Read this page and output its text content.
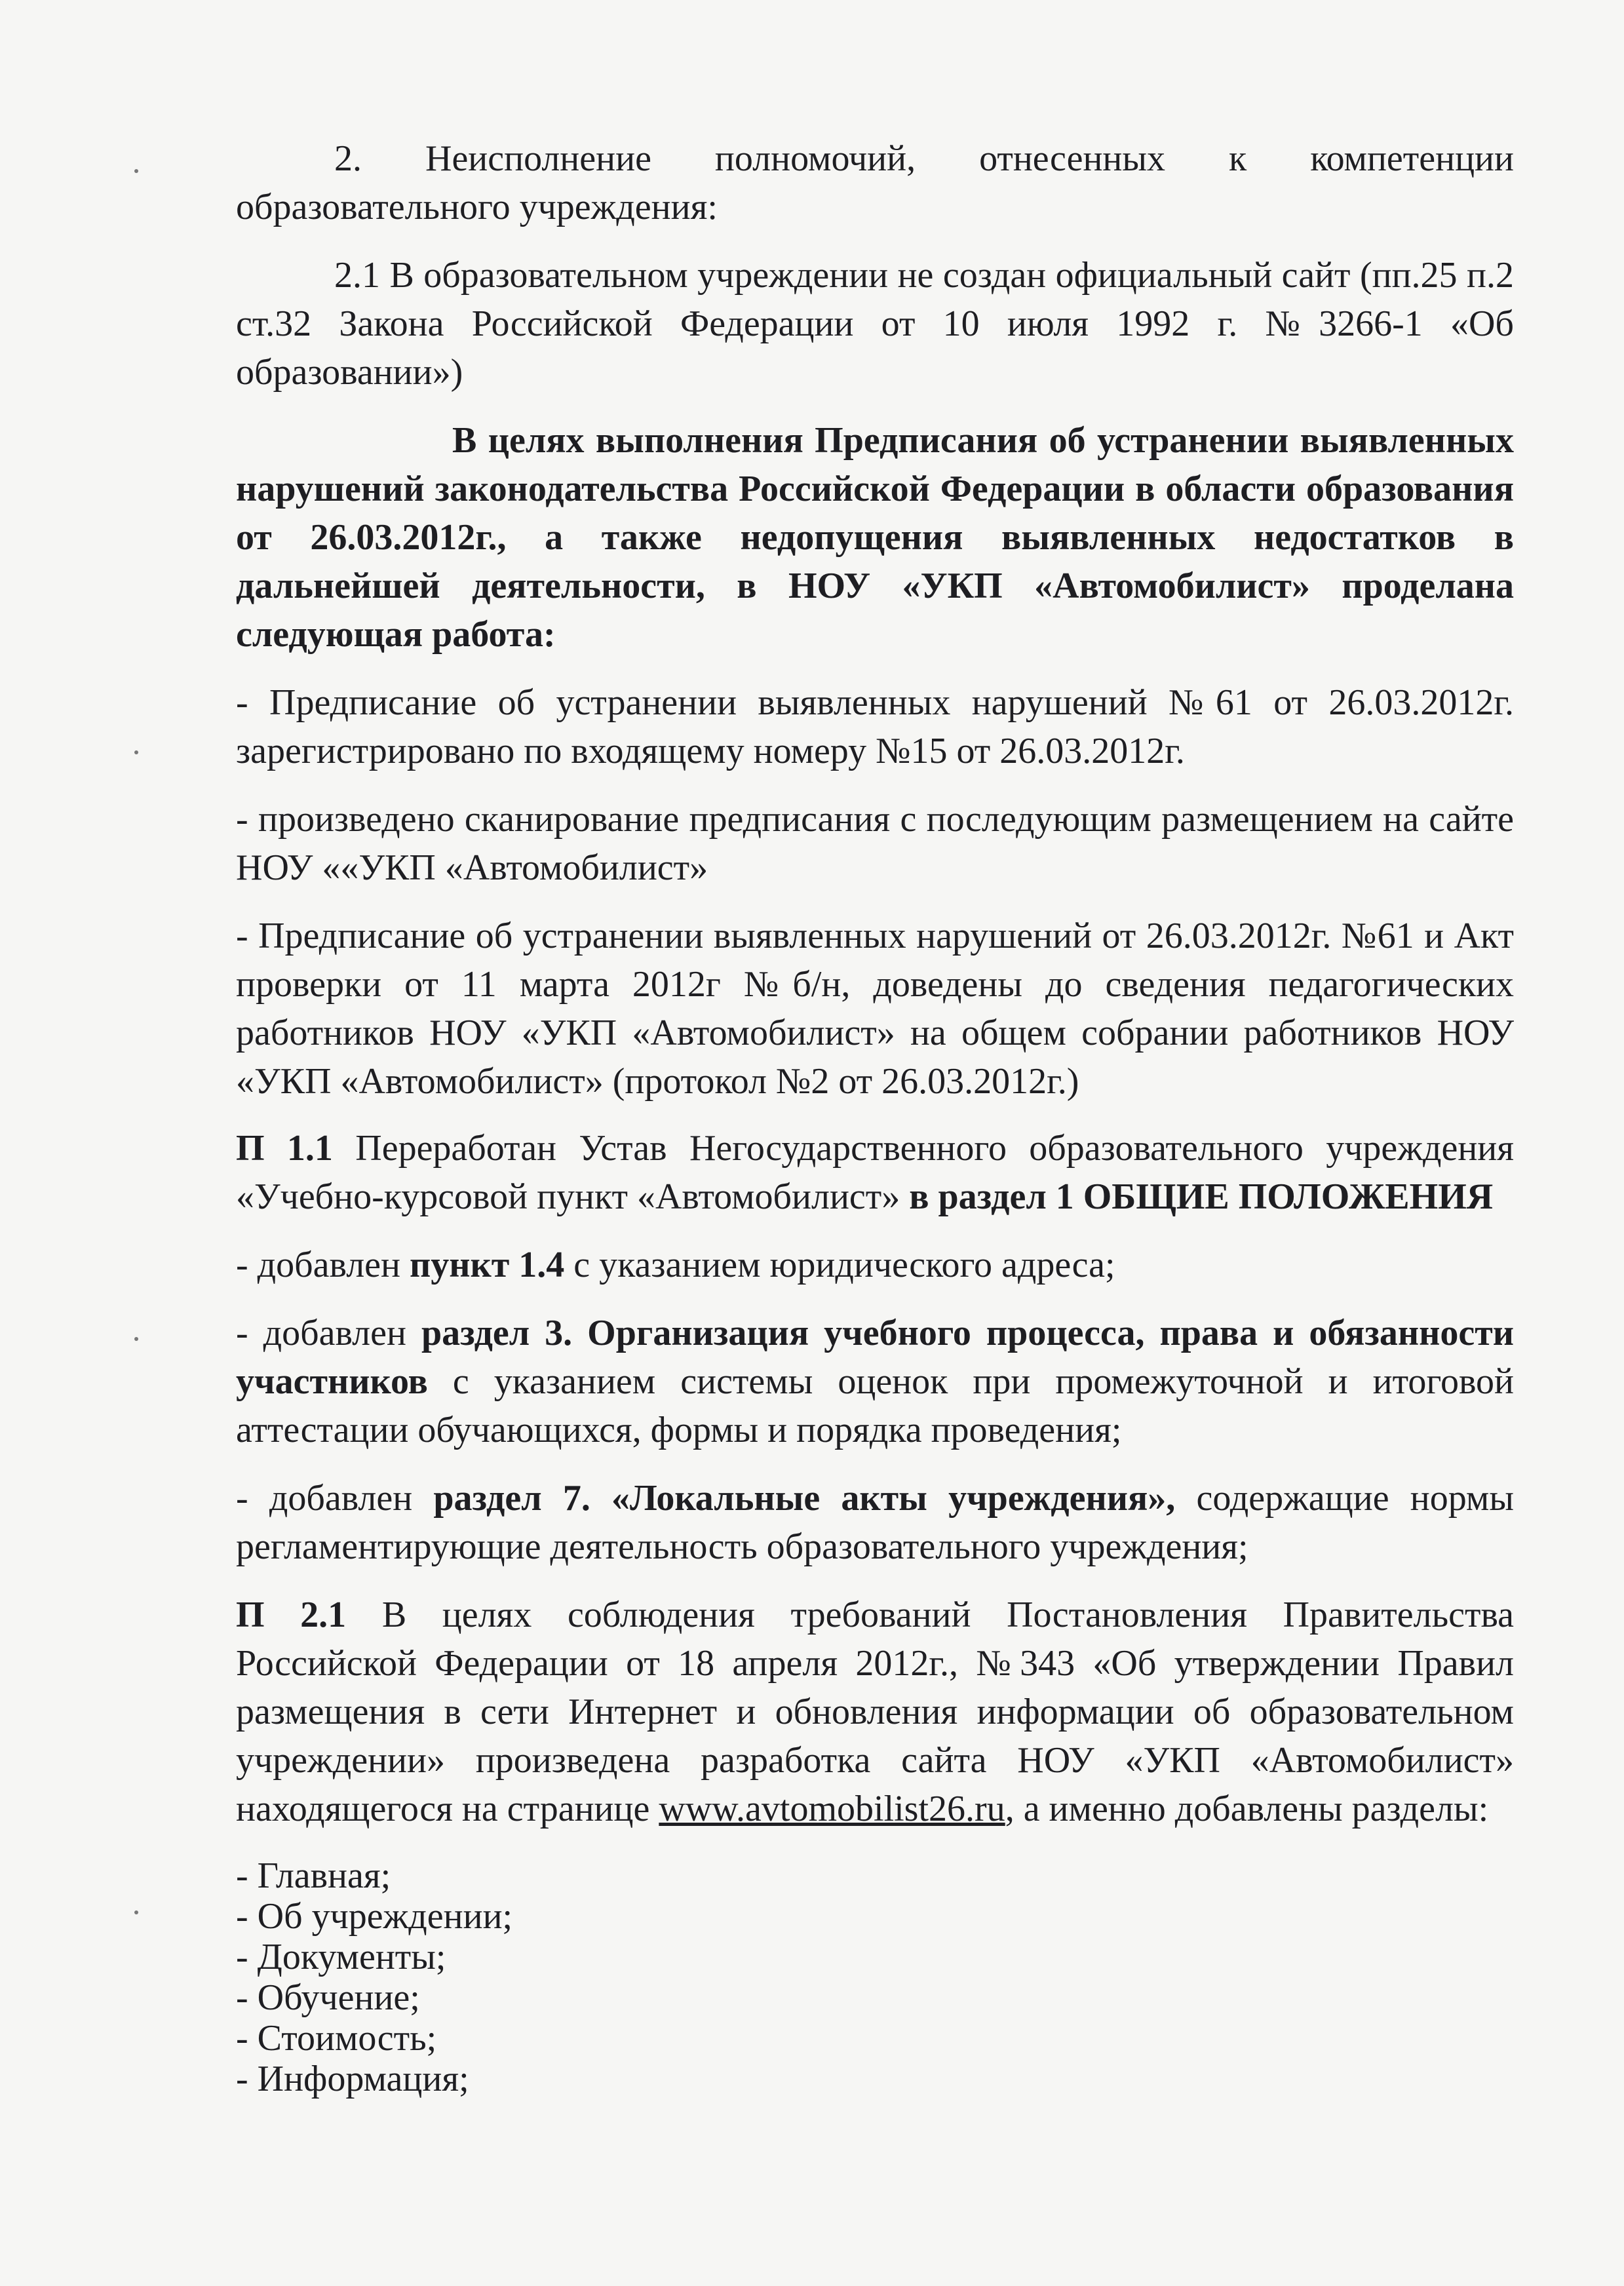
2. Неисполнение полномочий, отнесенных к компетенции образовательного учреждения:

2.1 В образовательном учреждении не создан официальный сайт (пп.25 п.2 ст.32 Закона Российской Федерации от 10 июля 1992 г. №3266-1 «Об образовании»)

В целях выполнения Предписания об устранении выявленных нарушений законодательства Российской Федерации в области образования от 26.03.2012г., а также недопущения выявленных недостатков в дальнейшей деятельности, в НОУ «УКП «Автомобилист» проделана следующая работа:

- Предписание об устранении выявленных нарушений №61 от 26.03.2012г. зарегистрировано по входящему номеру №15 от 26.03.2012г.

- произведено сканирование предписания с последующим размещением на сайте НОУ ««УКП «Автомобилист»

- Предписание об устранении выявленных нарушений от 26.03.2012г. №61 и Акт проверки от 11 марта 2012г №б/н, доведены до сведения педагогических работников НОУ «УКП «Автомобилист» на общем собрании работников НОУ «УКП «Автомобилист» (протокол №2 от 26.03.2012г.)

П 1.1 Переработан Устав Негосударственного образовательного учреждения «Учебно-курсовой пункт «Автомобилист» в раздел 1 ОБЩИЕ ПОЛОЖЕНИЯ

- добавлен пункт 1.4 с указанием юридического адреса;

- добавлен раздел 3. Организация учебного процесса, права и обязанности участников с указанием системы оценок при промежуточной и итоговой аттестации обучающихся, формы и порядка проведения;

- добавлен раздел 7. «Локальные акты учреждения», содержащие нормы регламентирующие деятельность образовательного учреждения;

П 2.1 В целях соблюдения требований Постановления Правительства Российской Федерации от 18 апреля 2012г., №343 «Об утверждении Правил размещения в сети Интернет и обновления информации об образовательном учреждении» произведена разработка сайта НОУ «УКП «Автомобилист» находящегося на странице www.avtomobilist26.ru, а именно добавлены разделы:

- Главная;
- Об учреждении;
- Документы;
- Обучение;
- Стоимость;
- Информация;
